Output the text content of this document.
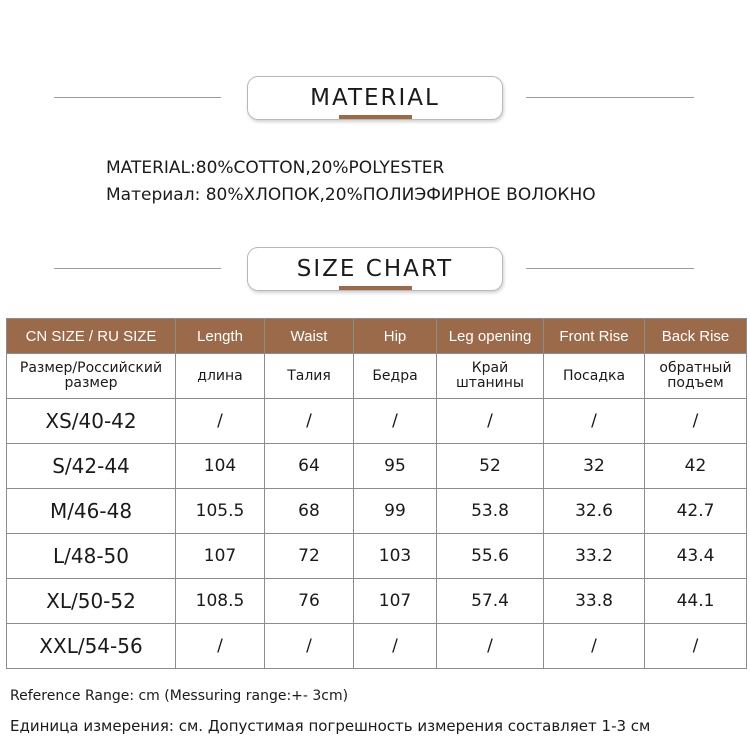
MATERIAL
MATERIAL:80%COTTON,20%POLYESTER
Материал: 80%ХЛОПОК,20%ПОЛИЭФИРНОЕ ВОЛОКНО
SIZE CHART
CN SIZE / RU SIZE	Length	Waist	Hip	Leg opening	Front Rise	Back Rise
Размер/Российский размер	длина	Талия	Бедра	Край штанины	Посадка	обратный подъем
XS/40-42	/	/	/	/	/	/
S/42-44	104	64	95	52	32	42
M/46-48	105.5	68	99	53.8	32.6	42.7
L/48-50	107	72	103	55.6	33.2	43.4
XL/50-52	108.5	76	107	57.4	33.8	44.1
XXL/54-56	/	/	/	/	/	/
Reference Range: cm (Messuring range:+- 3cm)
Единица измерения: см. Допустимая погрешность измерения составляет 1-3 см
